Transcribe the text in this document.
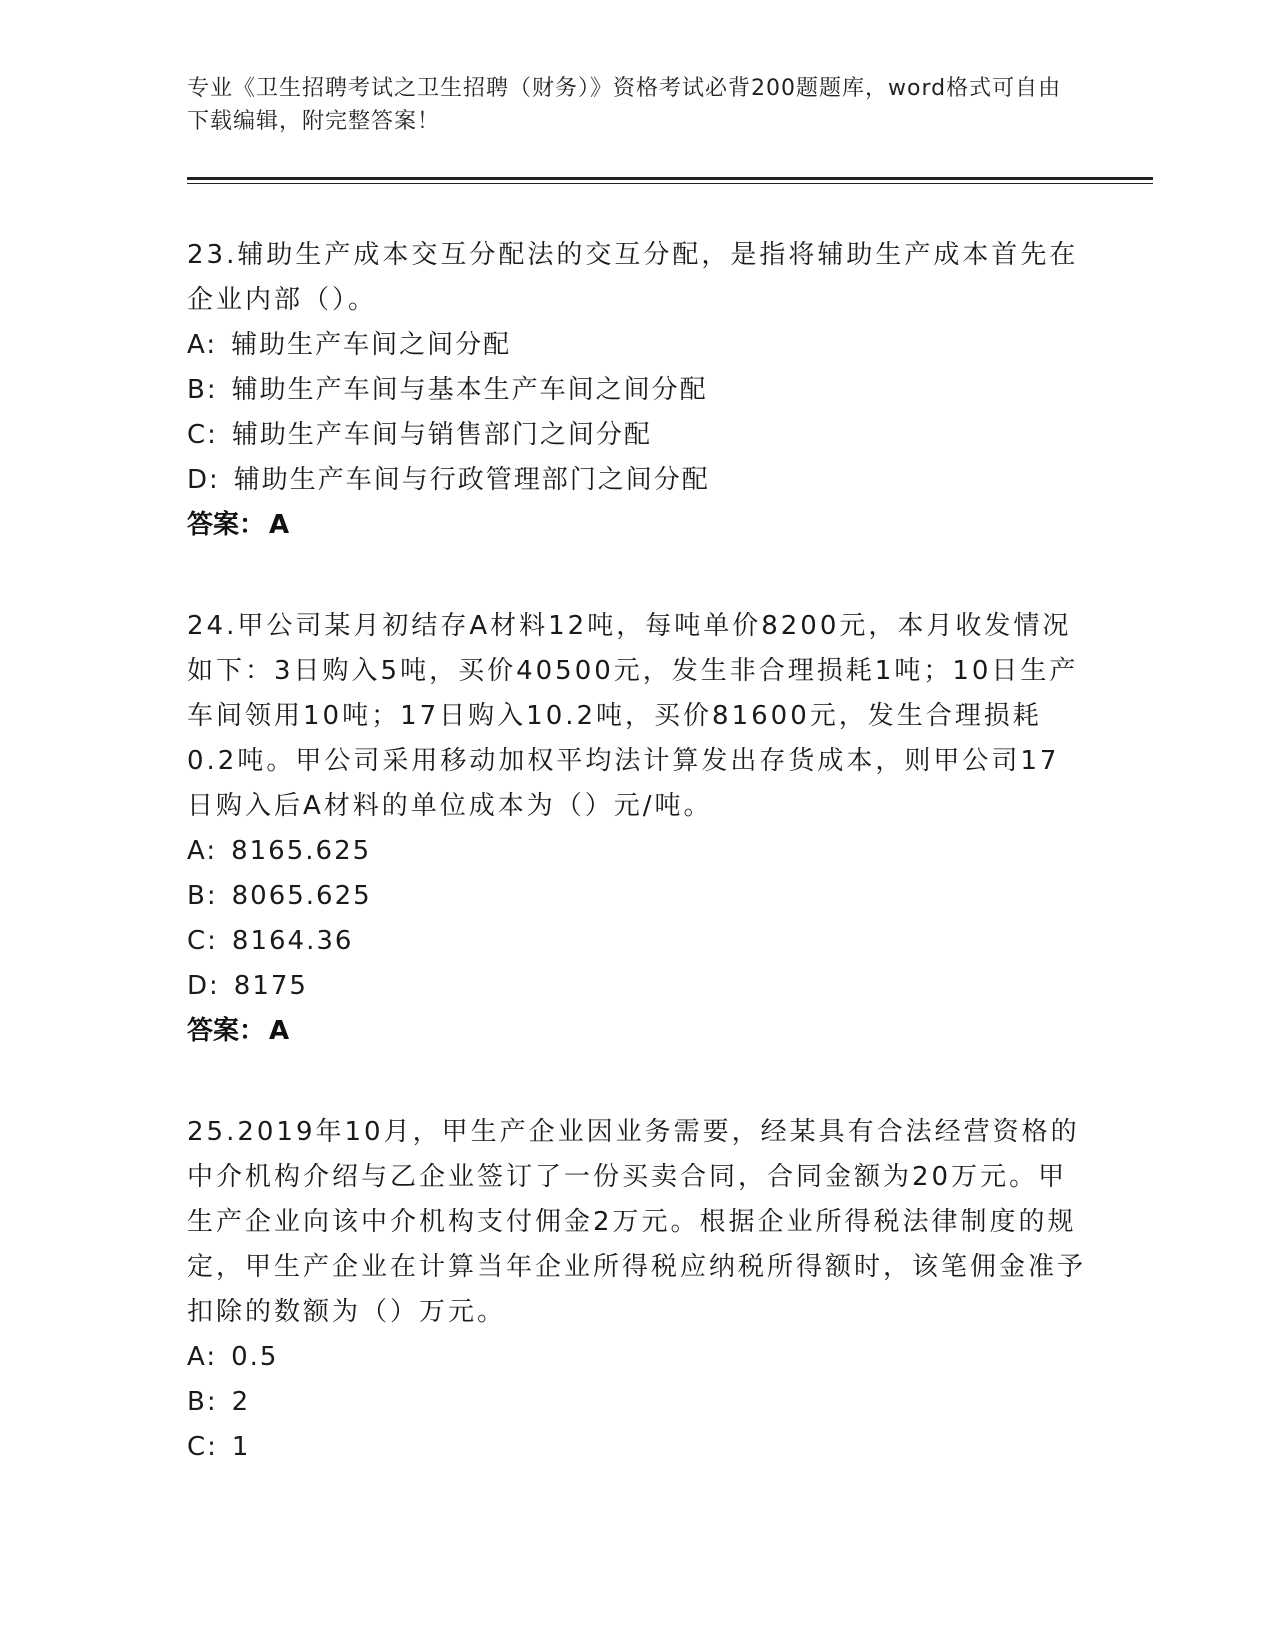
专业《卫生招聘考试之卫生招聘（财务）》资格考试必背200题题库，word格式可自由下载编辑，附完整答案！

23.辅助生产成本交互分配法的交互分配，是指将辅助生产成本首先在企业内部（）。

A: 辅助生产车间之间分配

B: 辅助生产车间与基本生产车间之间分配

C: 辅助生产车间与销售部门之间分配

D: 辅助生产车间与行政管理部门之间分配

答案： A

24.甲公司某月初结存A材料12吨，每吨单价8200元，本月收发情况如下：3日购入5吨，买价40500元，发生非合理损耗1吨；10日生产车间领用10吨；17日购入10.2吨，买价81600元，发生合理损耗0.2吨。甲公司采用移动加权平均法计算发出存货成本，则甲公司17日购入后A材料的单位成本为（）元/吨。

A: 8165.625

B: 8065.625

C: 8164.36

D: 8175

答案： A

25.2019年10月，甲生产企业因业务需要，经某具有合法经营资格的中介机构介绍与乙企业签订了一份买卖合同，合同金额为20万元。甲生产企业向该中介机构支付佣金2万元。根据企业所得税法律制度的规定，甲生产企业在计算当年企业所得税应纳税所得额时，该笔佣金准予扣除的数额为（）万元。

A: 0.5

B: 2

C: 1
